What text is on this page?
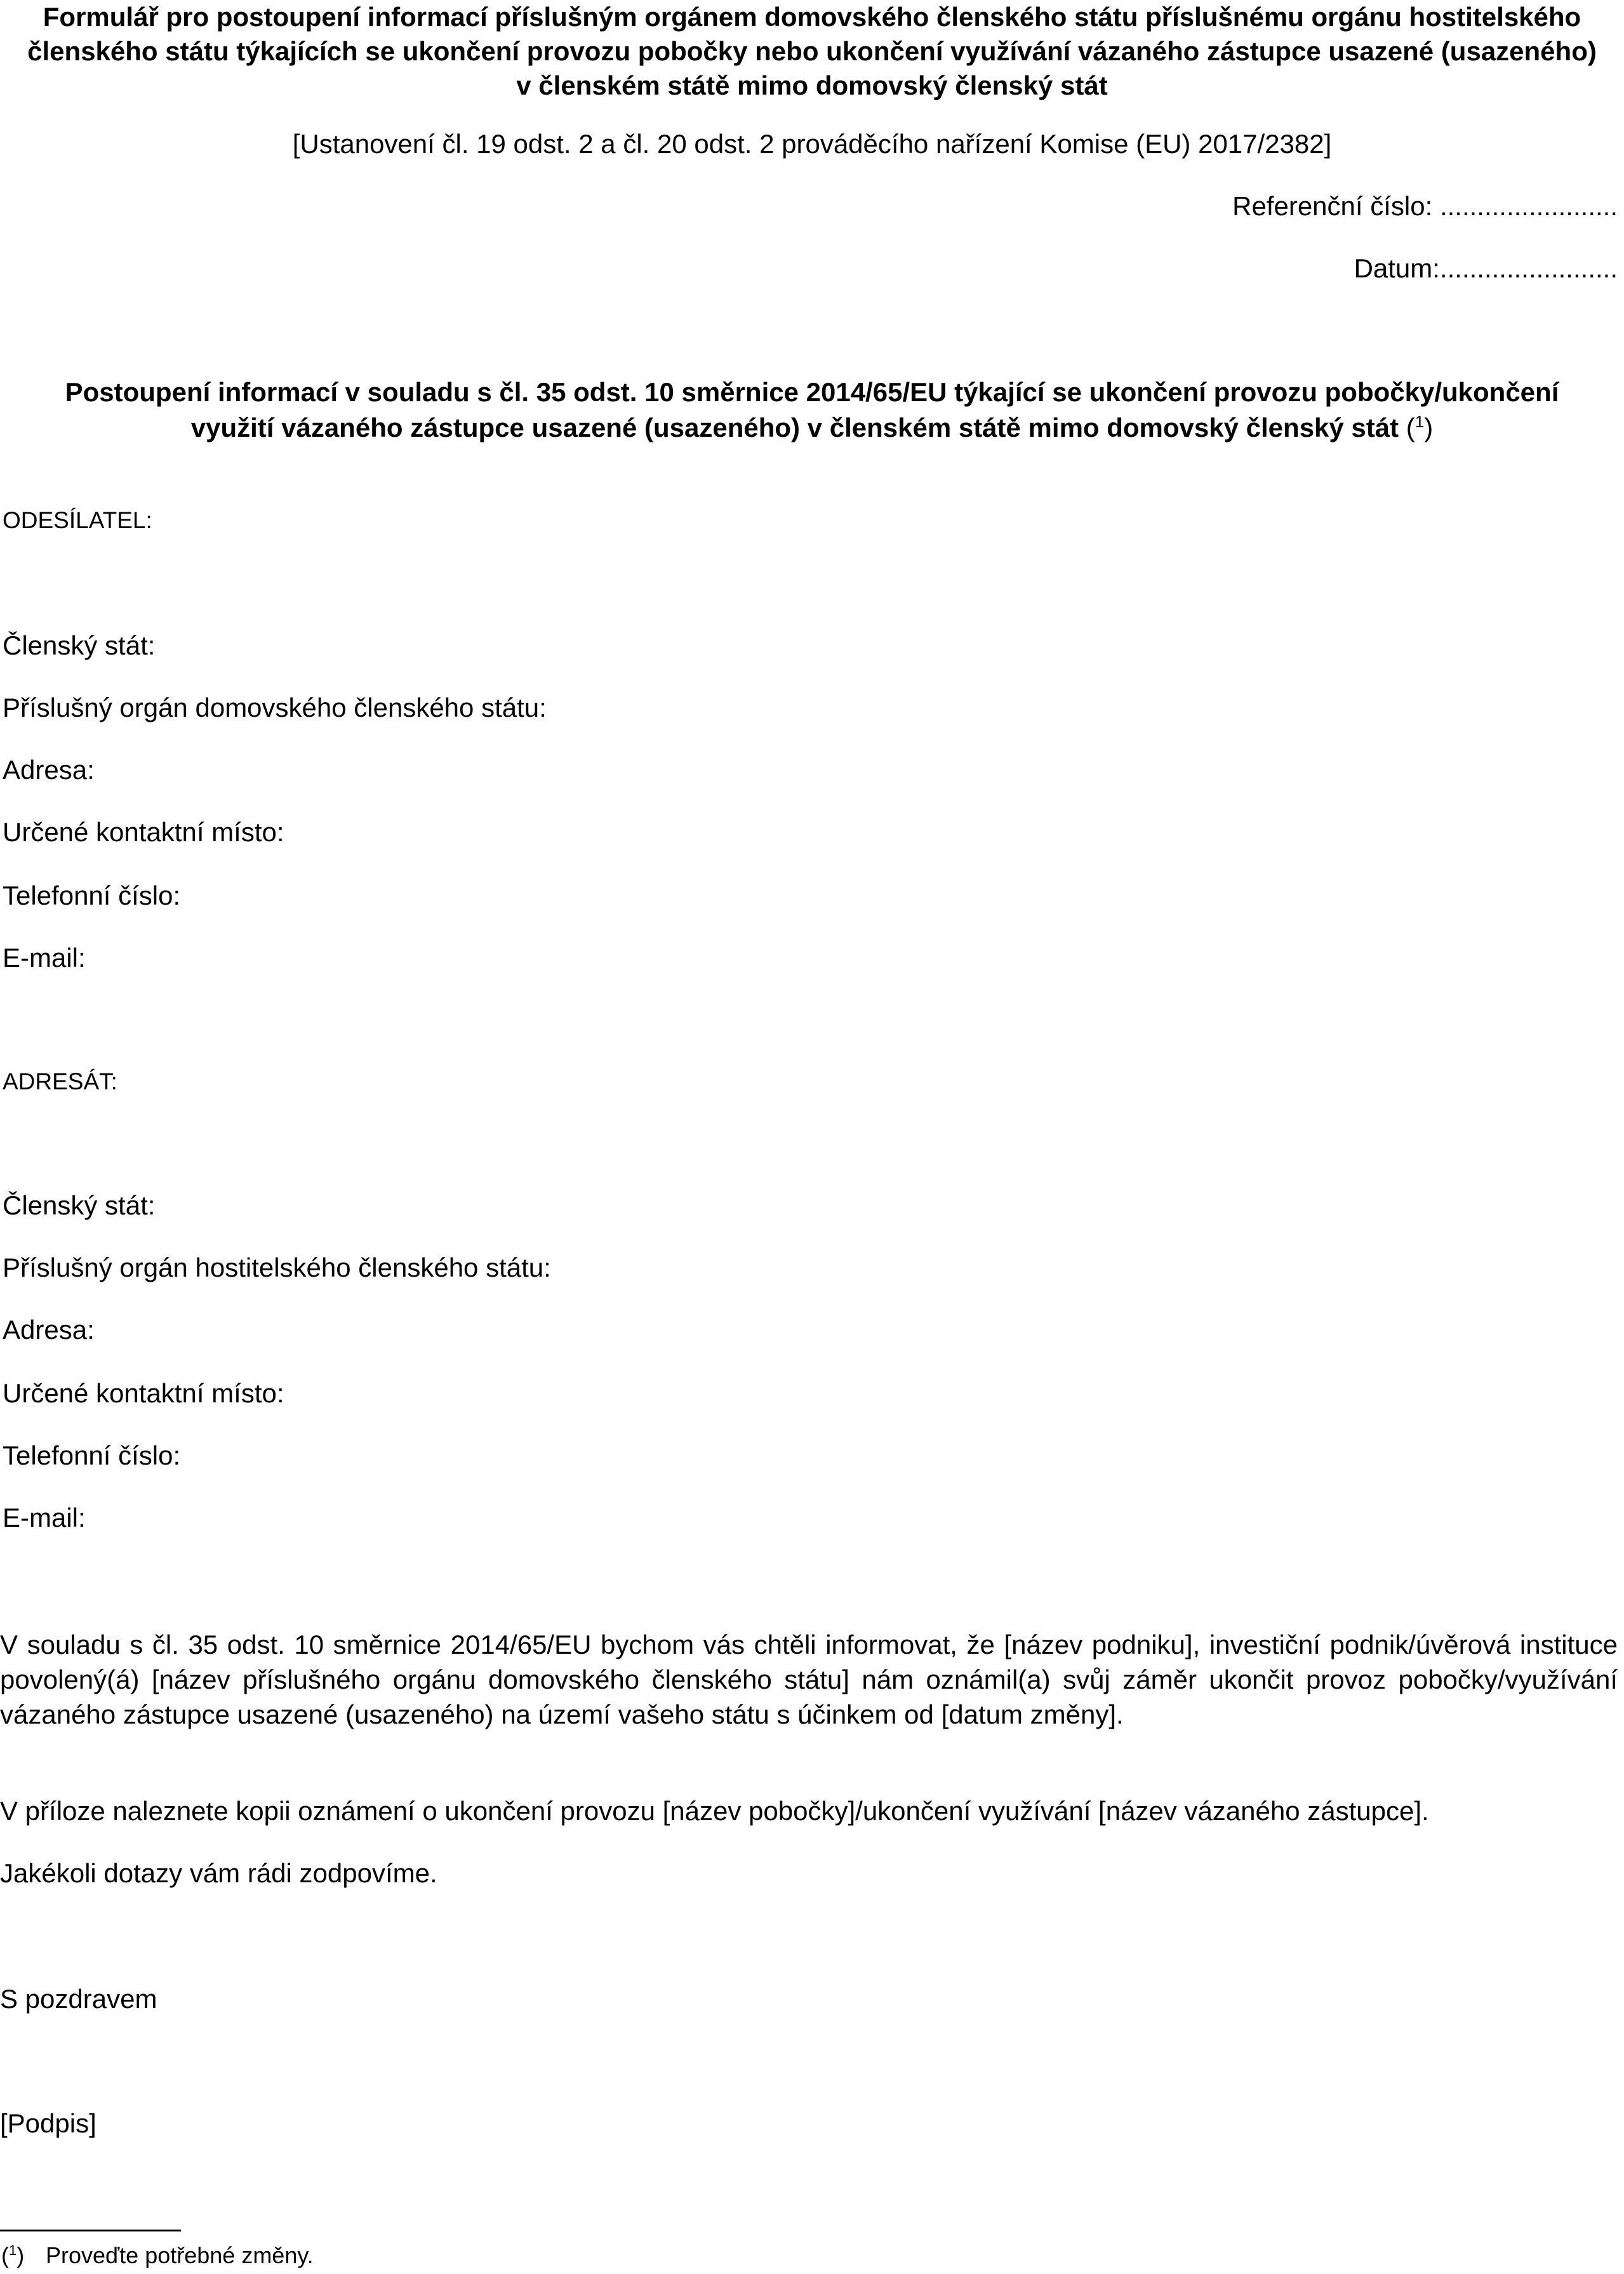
Formulář pro postoupení informací příslušným orgánem domovského členského státu příslušnému orgánu hostitelského členského státu týkajících se ukončení provozu pobočky nebo ukončení využívání vázaného zástupce usazené (usazeného) v členském státě mimo domovský členský stát

[Ustanovení čl. 19 odst. 2 a čl. 20 odst. 2 prováděcího nařízení Komise (EU) 2017/2382]

Referenční číslo: ........................

Datum:........................

Postoupení informací v souladu s čl. 35 odst. 10 směrnice 2014/65/EU týkající se ukončení provozu pobočky/ukončení využití vázaného zástupce usazené (usazeného) v členském státě mimo domovský členský stát ($^1$)

ODESÍLATEL:

Členský stát:

Příslušný orgán domovského členského státu:

Adresa:

Určené kontaktní místo:

Telefonní číslo:

E-mail:

ADRESÁT:

Členský stát:

Příslušný orgán hostitelského členského státu:

Adresa:

Určené kontaktní místo:

Telefonní číslo:

E-mail:

V souladu s čl. 35 odst. 10 směrnice 2014/65/EU bychom vás chtěli informovat, že [název podniku], investiční podnik/úvěrová instituce povolený(á) [název příslušného orgánu domovského členského státu] nám oznámil(a) svůj záměr ukončit provoz pobočky/využívání vázaného zástupce usazené (usazeného) na území vašeho státu s účinkem od [datum změny].

V příloze naleznete kopii oznámení o ukončení provozu [název pobočky]/ukončení využívání [název vázaného zástupce].

Jakékoli dotazy vám rádi zodpovíme.

S pozdravem

[Podpis]

($^1$) Proveďte potřebné změny.
